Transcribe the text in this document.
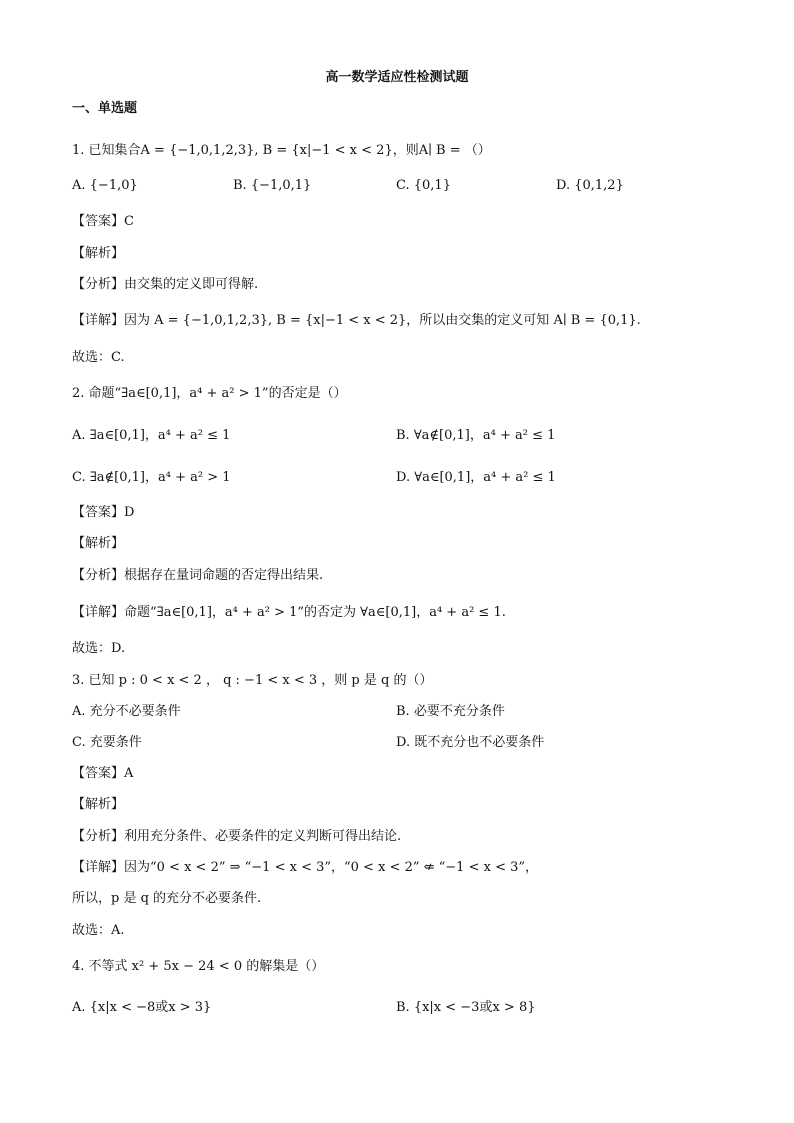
高一数学适应性检测试题
一、单选题
1. 已知集合A = {−1,0,1,2,3}, B = {x|−1 < x < 2}，则A∣ B = （）
A. {−1,0}	B. {−1,0,1}	C. {0,1}	D. {0,1,2}
【答案】C
【解析】
【分析】由交集的定义即可得解.
【详解】因为 A = {−1,0,1,2,3}, B = {x|−1 < x < 2}，所以由交集的定义可知 A∣ B = {0,1}.
故选：C.
2. 命题“∃a∈[0,1]，a⁴ + a² > 1”的否定是（）
A. ∃a∈[0,1]，a⁴ + a² ≤ 1	B. ∀a∉[0,1]，a⁴ + a² ≤ 1
C. ∃a∉[0,1]，a⁴ + a² > 1	D. ∀a∈[0,1]，a⁴ + a² ≤ 1
【答案】D
【解析】
【分析】根据存在量词命题的否定得出结果.
【详解】命题“∃a∈[0,1]，a⁴ + a² > 1”的否定为 ∀a∈[0,1]，a⁴ + a² ≤ 1.
故选：D.
3. 已知 p : 0 < x < 2 ， q : −1 < x < 3 ，则 p 是 q 的（）
A. 充分不必要条件	B. 必要不充分条件
C. 充要条件	D. 既不充分也不必要条件
【答案】A
【解析】
【分析】利用充分条件、必要条件的定义判断可得出结论.
【详解】因为“0 < x < 2” ⇒ “−1 < x < 3”，“0 < x < 2” ⇍ “−1 < x < 3”，
所以，p 是 q 的充分不必要条件.
故选：A.
4. 不等式 x² + 5x − 24 < 0 的解集是（）
A. {x|x < −8或x > 3}	B. {x|x < −3或x > 8}
